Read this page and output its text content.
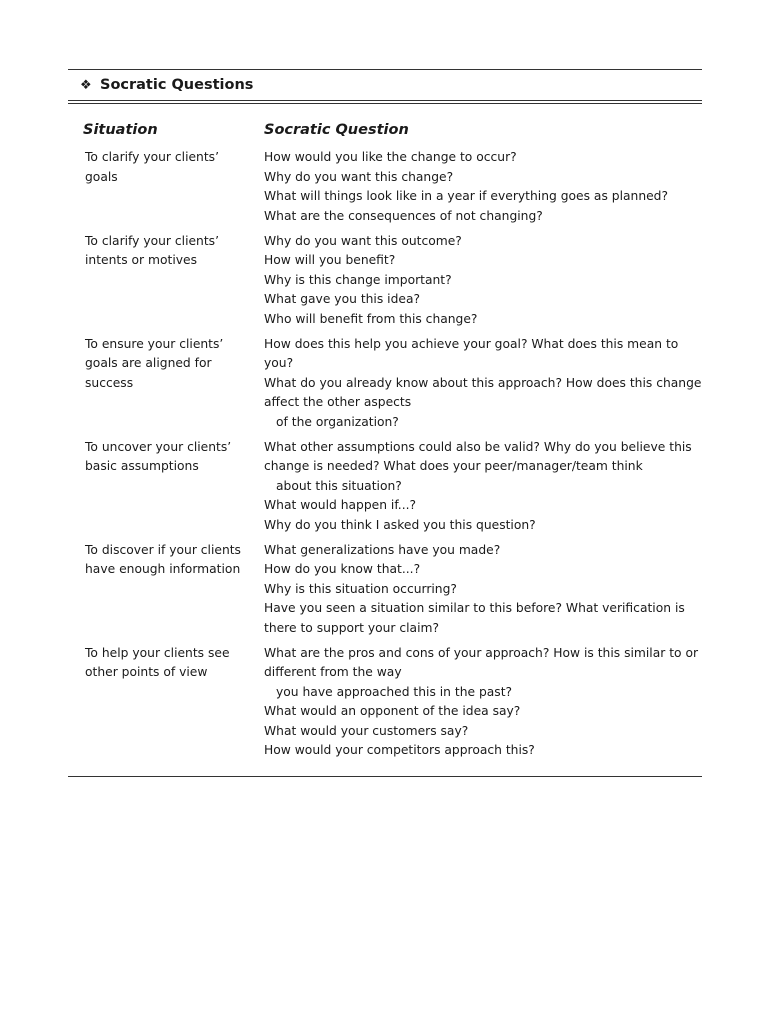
❖ Socratic Questions
Situation	Socratic Question
To clarify your clients’
goals
How would you like the change to occur?
Why do you want this change?
What will things look like in a year if everything goes as planned?
What are the consequences of not changing?
To clarify your clients’
intents or motives
Why do you want this outcome?
How will you benefit?
Why is this change important?
What gave you this idea?
Who will benefit from this change?
To ensure your clients’
goals are aligned for
success
How does this help you achieve your goal? What does this mean to
you?
What do you already know about this approach? How does this change
affect the other aspects
of the organization?
To uncover your clients’
basic assumptions
What other assumptions could also be valid? Why do you believe this
change is needed? What does your peer/manager/team think
about this situation?
What would happen if...?
Why do you think I asked you this question?
To discover if your clients
have enough information
What generalizations have you made?
How do you know that...?
Why is this situation occurring?
Have you seen a situation similar to this before? What verification is
there to support your claim?
To help your clients see
other points of view
What are the pros and cons of your approach? How is this similar to or
different from the way
you have approached this in the past?
What would an opponent of the idea say?
What would your customers say?
How would your competitors approach this?
